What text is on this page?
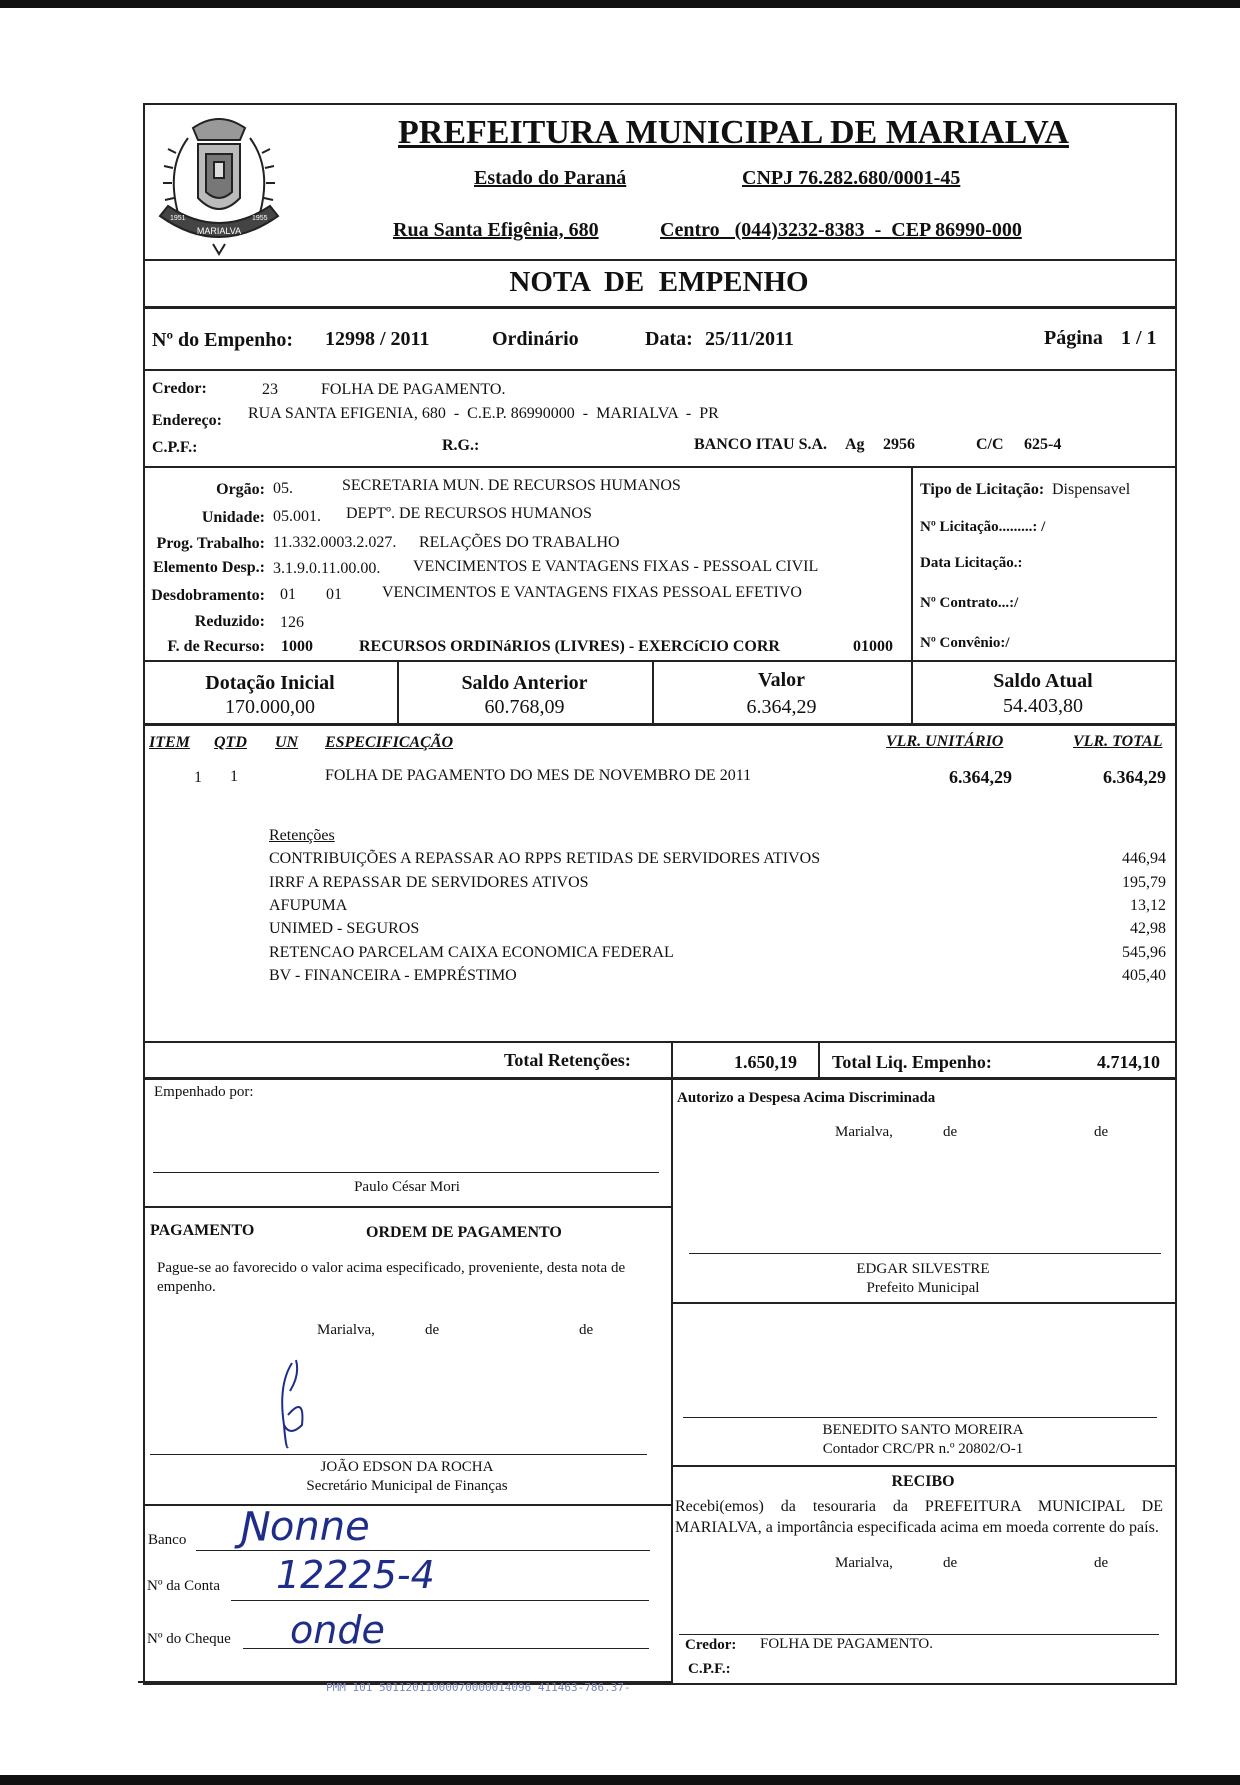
MARIALVA
1951	1955
PREFEITURA MUNICIPAL DE MARIALVA
Estado do Paraná	CNPJ 76.282.680/0001-45
Rua Santa Efigênia, 680	Centro   (044)3232-8383  -  CEP 86990-000
NOTA  DE  EMPENHO
Nº do Empenho: 12998 / 2011	Ordinário	Data: 25/11/2011	Página 1 / 1
Credor:	23	FOLHA DE PAGAMENTO.
Endereço: RUA SANTA EFIGENIA, 680  -  C.E.P. 86990000  -  MARIALVA  -  PR
C.P.F.:	R.G.:	BANCO ITAU S.A. Ag 2956	C/C 625-4
Orgão: 05.	SECRETARIA MUN. DE RECURSOS HUMANOS
Unidade: 05.001. DEPTº. DE RECURSOS HUMANOS
Prog. Trabalho: 11.332.0003.2.027. RELAÇÕES DO TRABALHO
Elemento Desp.: 3.1.9.0.11.00.00. VENCIMENTOS E VANTAGENS FIXAS - PESSOAL CIVIL
Desdobramento: 01 01	VENCIMENTOS E VANTAGENS FIXAS PESSOAL EFETIVO
Reduzido: 126
F. de Recurso: 1000	RECURSOS ORDINáRIOS (LIVRES) - EXERCíCIO CORR	01000
Tipo de Licitação: Dispensavel
Nº Licitação.........: /
Data Licitação.:
Nº Contrato...:/
Nº Convênio:/
Dotação Inicial
170.000,00
Saldo Anterior
60.768,09
Valor
6.364,29
Saldo Atual
54.403,80
ITEM QTD UN ESPECIFICAÇÃO	VLR. UNITÁRIO	VLR. TOTAL
1 1	FOLHA DE PAGAMENTO DO MES DE NOVEMBRO DE 2011	6.364,29	6.364,29
Retenções
CONTRIBUIÇÕES A REPASSAR AO RPPS RETIDAS DE SERVIDORES ATIVOS	446,94
IRRF A REPASSAR DE SERVIDORES ATIVOS	195,79
AFUPUMA	13,12
UNIMED - SEGUROS	42,98
RETENCAO PARCELAM CAIXA ECONOMICA FEDERAL	545,96
BV - FINANCEIRA - EMPRÉSTIMO	405,40
Total Retenções:	1.650,19 Total Liq. Empenho:	4.714,10
Empenhado por:
Paulo César Mori
Autorizo a Despesa Acima Discriminada
Marialva,	de	de
PAGAMENTO	ORDEM DE PAGAMENTO
Pague-se ao favorecido o valor acima especificado, proveniente, desta nota de empenho.
Marialva,	de	de
JOÃO EDSON DA ROCHA
Secretário Municipal de Finanças
EDGAR SILVESTRE
Prefeito Municipal
BENEDITO SANTO MOREIRA
Contador CRC/PR n.º 20802/O-1
RECIBO
Recebi(emos) da tesouraria da PREFEITURA MUNICIPAL DE MARIALVA, a importância especificada acima em moeda corrente do país.
Marialva,	de	de
Credor: FOLHA DE PAGAMENTO.
C.P.F.:
Banco Ɲonne
Nº da Conta 12225-4
Nº do Cheque onde
PMM 101 50112011000070000014096 411463-786.37-
